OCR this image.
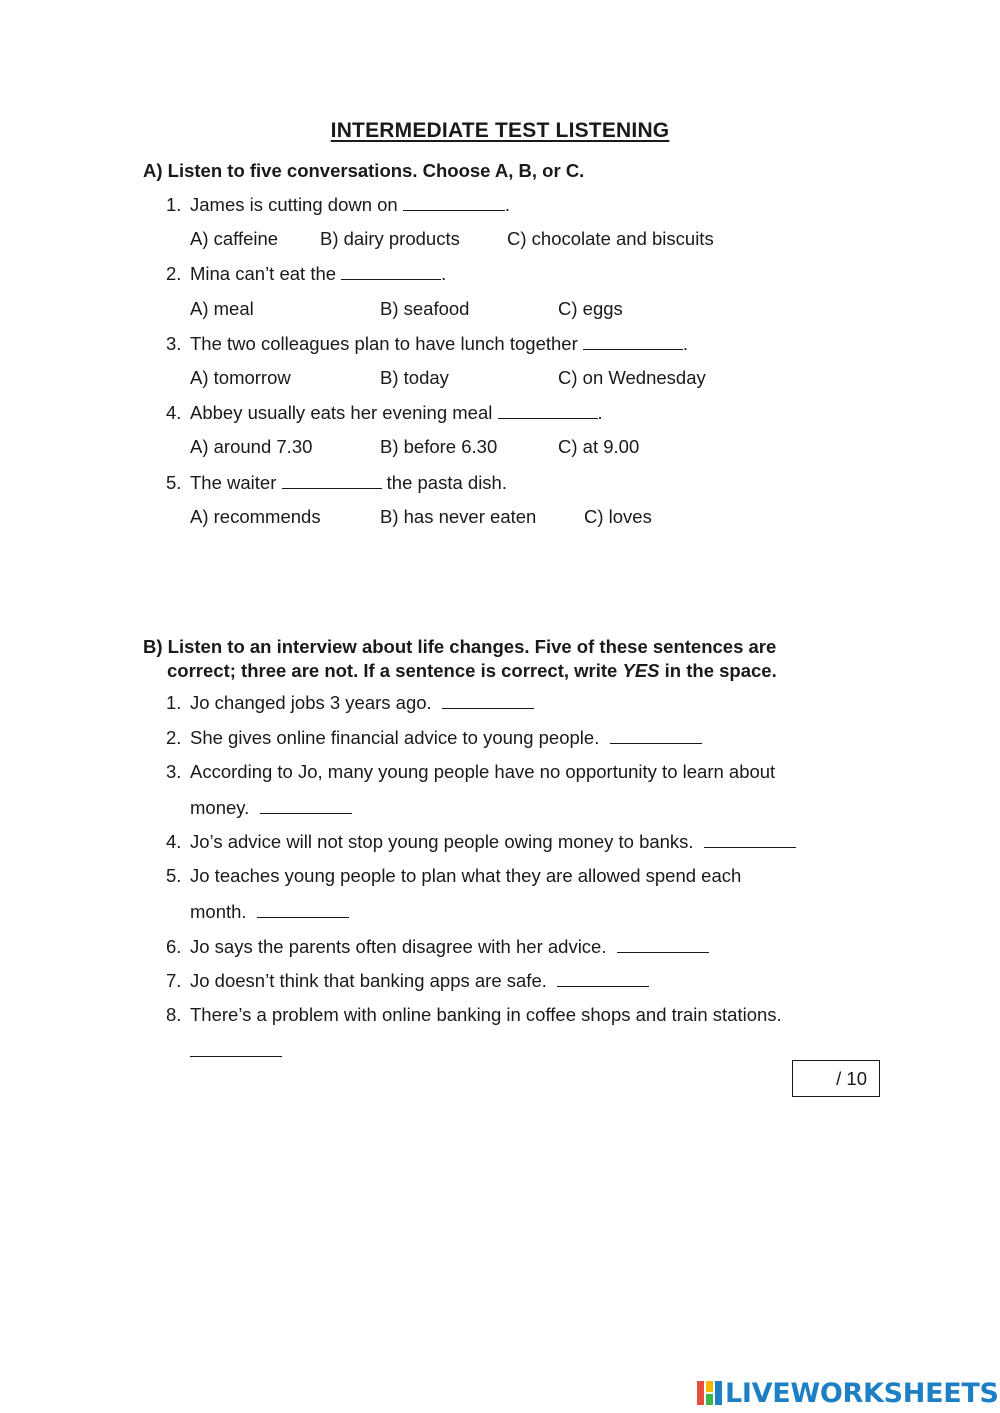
INTERMEDIATE TEST LISTENING
A) Listen to five conversations. Choose A, B, or C.
1. James is cutting down on	.
A) caffeine B) dairy products	C) chocolate and biscuits
2. Mina can’t eat the	.
A) meal	B) seafood	C) eggs
3. The two colleagues plan to have lunch together	.
A) tomorrow	B) today	C) on Wednesday
4. Abbey usually eats her evening meal	.
A) around 7.30	B) before 6.30	C) at 9.00
5. The waiter	the pasta dish.
A) recommends	B) has never eaten	C) loves
B) Listen to an interview about life changes. Five of these sentences are
correct; three are not. If a sentence is correct, write YES in the space.
1. Jo changed jobs 3 years ago.
2. She gives online financial advice to young people.
3. According to Jo, many young people have no opportunity to learn about
money.
4. Jo’s advice will not stop young people owing money to banks.
5. Jo teaches young people to plan what they are allowed spend each
month.
6. Jo says the parents often disagree with her advice.
7. Jo doesn’t think that banking apps are safe.
8. There’s a problem with online banking in coffee shops and train stations.
/ 10
LIVEWORKSHEETS
